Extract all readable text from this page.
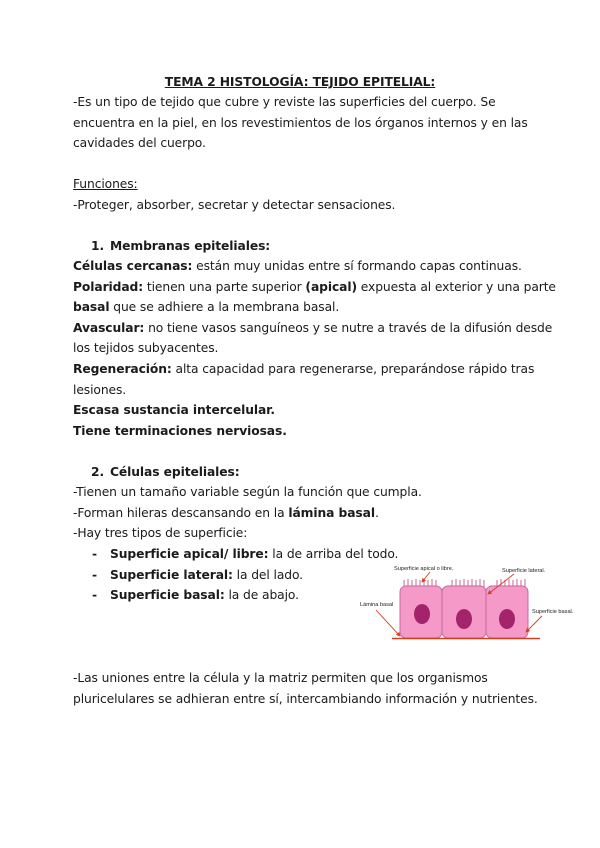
TEMA 2 HISTOLOGÍA: TEJIDO EPITELIAL:
-Es un tipo de tejido que cubre y reviste las superficies del cuerpo. Se
encuentra en la piel, en los revestimientos de los órganos internos y en las
cavidades del cuerpo.
Funciones:
-Proteger, absorber, secretar y detectar sensaciones.
1. Membranas epiteliales:
Células cercanas: están muy unidas entre sí formando capas continuas.
Polaridad: tienen una parte superior (apical) expuesta al exterior y una parte
basal que se adhiere a la membrana basal.
Avascular: no tiene vasos sanguíneos y se nutre a través de la difusión desde
los tejidos subyacentes.
Regeneración: alta capacidad para regenerarse, preparándose rápido tras
lesiones.
Escasa sustancia intercelular.
Tiene terminaciones nerviosas.
2. Células epiteliales:
-Tienen un tamaño variable según la función que cumpla.
-Forman hileras descansando en la lámina basal.
-Hay tres tipos de superficie:
- Superficie apical/ libre: la de arriba del todo.
- Superficie lateral: la del lado.
- Superficie basal: la de abajo.
Superficie apical o libre.	Superficie lateral.
Lámina basal
Superficie basal.
-Las uniones entre la célula y la matriz permiten que los organismos
pluricelulares se adhieran entre sí, intercambiando información y nutrientes.
